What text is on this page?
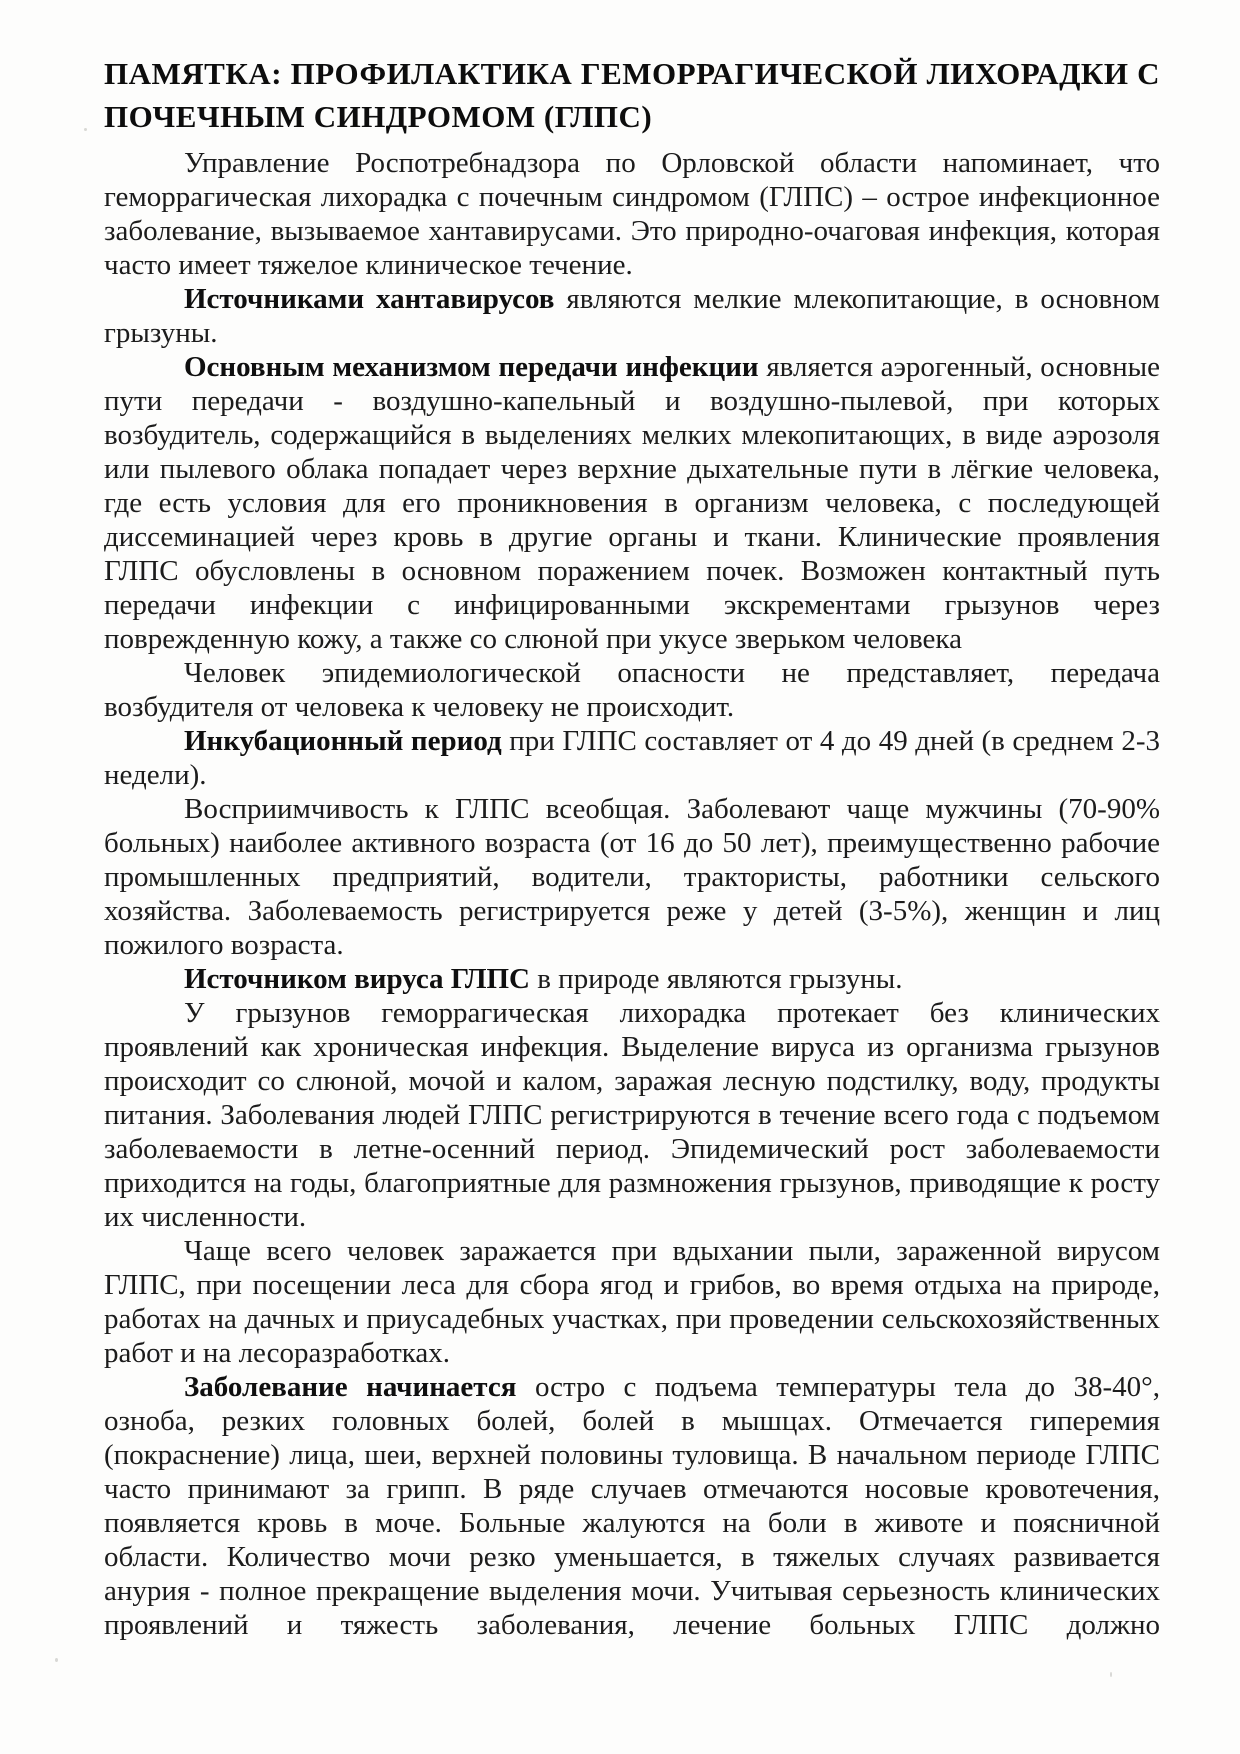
ПАМЯТКА: ПРОФИЛАКТИКА ГЕМОРРАГИЧЕСКОЙ ЛИХОРАДКИ С
ПОЧЕЧНЫМ СИНДРОМОМ (ГЛПС)

Управление Роспотребнадзора по Орловской области напоминает, что геморрагическая лихорадка с почечным синдромом (ГЛПС) – острое инфекционное заболевание, вызываемое хантавирусами. Это природно-очаговая инфекция, которая часто имеет тяжелое клиническое течение.

Источниками хантавирусов являются мелкие млекопитающие, в основном грызуны.

Основным механизмом передачи инфекции является аэрогенный, основные пути передачи - воздушно-капельный и воздушно-пылевой, при которых возбудитель, содержащийся в выделениях мелких млекопитающих, в виде аэрозоля или пылевого облака попадает через верхние дыхательные пути в лёгкие человека, где есть условия для его проникновения в организм человека, с последующей диссеминацией через кровь в другие органы и ткани. Клинические проявления ГЛПС обусловлены в основном поражением почек. Возможен контактный путь передачи инфекции с инфицированными экскрементами грызунов через поврежденную кожу, а также со слюной при укусе зверьком человека

Человек эпидемиологической опасности не представляет, передача возбудителя от человека к человеку не происходит.

Инкубационный период при ГЛПС составляет от 4 до 49 дней (в среднем 2-3 недели).

Восприимчивость к ГЛПС всеобщая. Заболевают чаще мужчины (70-90% больных) наиболее активного возраста (от 16 до 50 лет), преимущественно рабочие промышленных предприятий, водители, трактористы, работники сельского хозяйства. Заболеваемость регистрируется реже у детей (3-5%), женщин и лиц пожилого возраста.

Источником вируса ГЛПС в природе являются грызуны.

У грызунов геморрагическая лихорадка протекает без клинических проявлений как хроническая инфекция. Выделение вируса из организма грызунов происходит со слюной, мочой и калом, заражая лесную подстилку, воду, продукты питания. Заболевания людей ГЛПС регистрируются в течение всего года с подъемом заболеваемости в летне-осенний период. Эпидемический рост заболеваемости приходится на годы, благоприятные для размножения грызунов, приводящие к росту их численности.

Чаще всего человек заражается при вдыхании пыли, зараженной вирусом ГЛПС, при посещении леса для сбора ягод и грибов, во время отдыха на природе, работах на дачных и приусадебных участках, при проведении сельскохозяйственных работ и на лесоразработках.

Заболевание начинается остро с подъема температуры тела до 38-40°, озноба, резких головных болей, болей в мышцах. Отмечается гиперемия (покраснение) лица, шеи, верхней половины туловища. В начальном периоде ГЛПС часто принимают за грипп. В ряде случаев отмечаются носовые кровотечения, появляется кровь в моче. Больные жалуются на боли в животе и поясничной области. Количество мочи резко уменьшается, в тяжелых случаях развивается анурия - полное прекращение выделения мочи. Учитывая серьезность клинических проявлений и тяжесть заболевания, лечение больных ГЛПС должно
